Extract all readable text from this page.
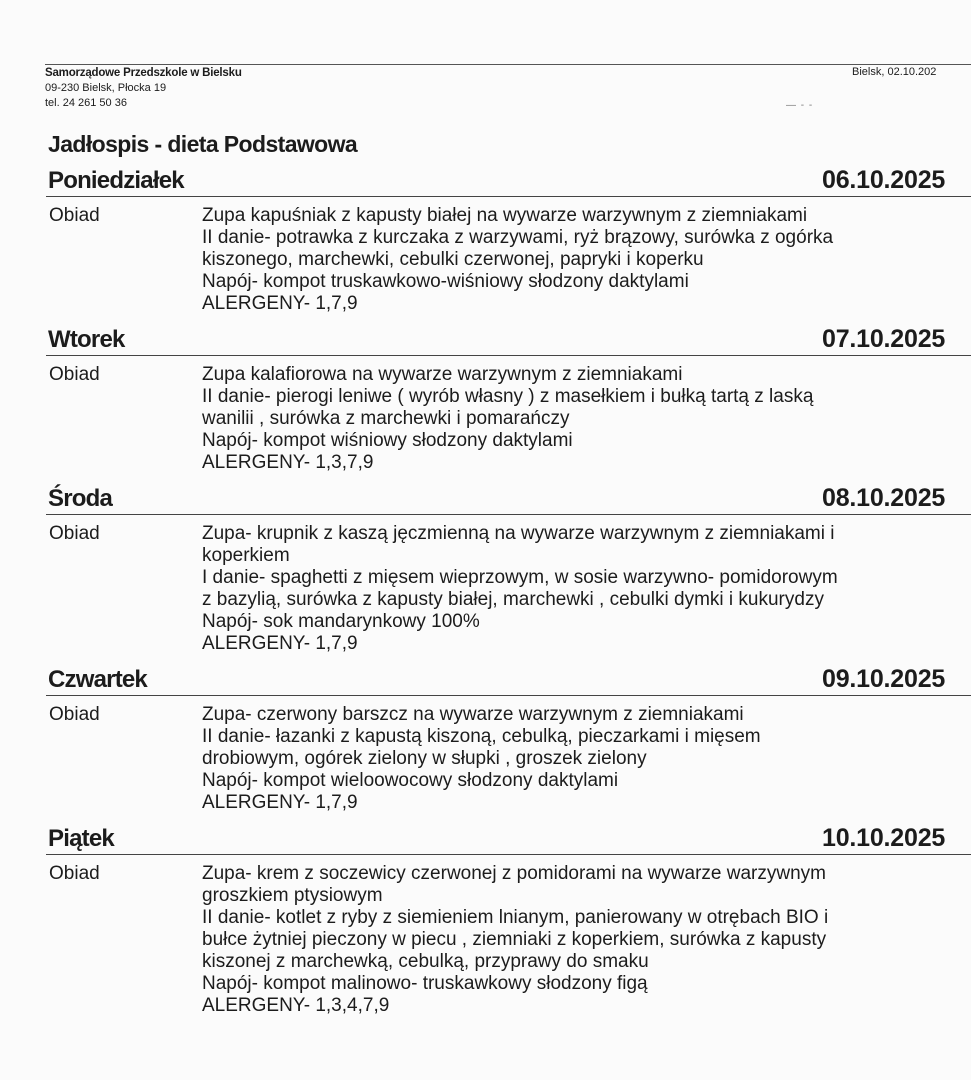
Samorządowe Przedszkole w Bielsku
09-230 Bielsk, Płocka 19
tel. 24 261 50 36
Bielsk, 02.10.202
— - -
Jadłospis - dieta Podstawowa
Poniedziałek	06.10.2025
Obiad	Zupa kapuśniak z kapusty białej na wywarze warzywnym z ziemniakami
II danie- potrawka z kurczaka z warzywami, ryż brązowy, surówka z ogórka
kiszonego, marchewki, cebulki czerwonej, papryki i koperku
Napój- kompot truskawkowo-wiśniowy słodzony daktylami
ALERGENY- 1,7,9
Wtorek	07.10.2025
Obiad	Zupa kalafiorowa na wywarze warzywnym z ziemniakami
II danie- pierogi leniwe ( wyrób własny ) z masełkiem i bułką tartą z laską
wanilii , surówka z marchewki i pomarańczy
Napój- kompot wiśniowy słodzony daktylami
ALERGENY- 1,3,7,9
Środa	08.10.2025
Obiad	Zupa- krupnik z kaszą jęczmienną na wywarze warzywnym z ziemniakami i
koperkiem
I danie- spaghetti z mięsem wieprzowym, w sosie warzywno- pomidorowym
z bazylią, surówka z kapusty białej, marchewki , cebulki dymki i kukurydzy
Napój- sok mandarynkowy 100%
ALERGENY- 1,7,9
Czwartek	09.10.2025
Obiad	Zupa- czerwony barszcz na wywarze warzywnym z ziemniakami
II danie- łazanki z kapustą kiszoną, cebulką, pieczarkami i mięsem
drobiowym, ogórek zielony w słupki , groszek zielony
Napój- kompot wieloowocowy słodzony daktylami
ALERGENY- 1,7,9
Piątek	10.10.2025
Obiad	Zupa- krem z soczewicy czerwonej z pomidorami na wywarze warzywnym
groszkiem ptysiowym
II danie- kotlet z ryby z siemieniem lnianym, panierowany w otrębach BIO i
bułce żytniej pieczony w piecu , ziemniaki z koperkiem, surówka z kapusty
kiszonej z marchewką, cebulką, przyprawy do smaku
Napój- kompot malinowo- truskawkowy słodzony figą
ALERGENY- 1,3,4,7,9
